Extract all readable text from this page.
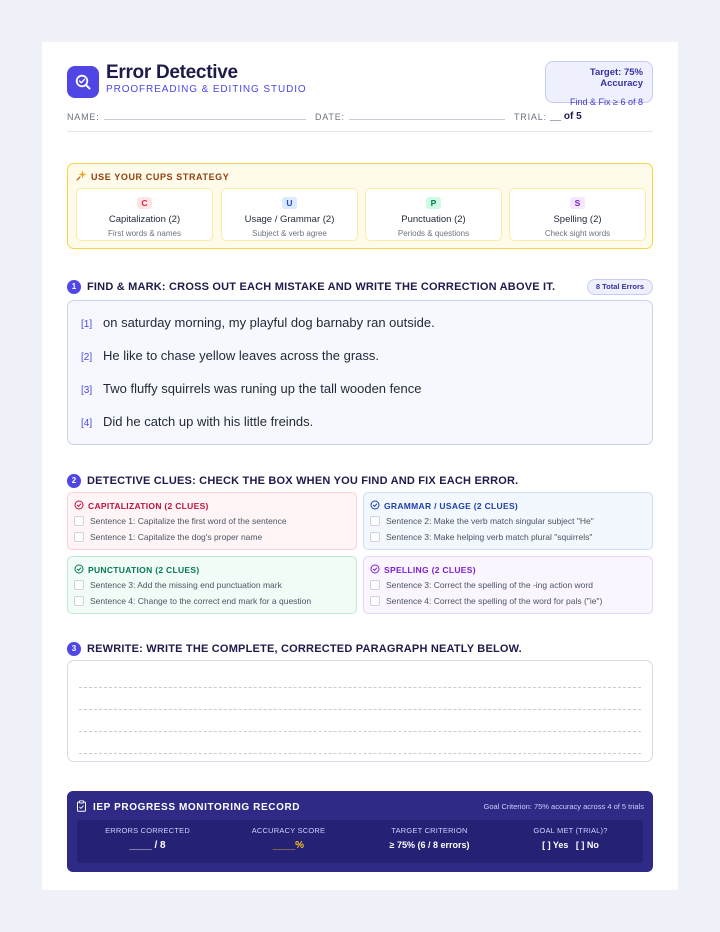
Error Detective
PROOFREADING & EDITING STUDIO
Target: 75% Accuracy
Find & Fix ≥ 6 of 8
NAME:	DATE:	TRIAL: __ of 5
USE YOUR CUPS STRATEGY
C
Capitalization (2)
First words & names
U
Usage / Grammar (2)
Subject & verb agree
P
Punctuation (2)
Periods & questions
S
Spelling (2)
Check sight words
1 FIND & MARK: CROSS OUT EACH MISTAKE AND WRITE THE CORRECTION ABOVE IT.	8 Total Errors
[1] on saturday morning, my playful dog barnaby ran outside.
[2] He like to chase yellow leaves across the grass.
[3] Two fluffy squirrels was runing up the tall wooden fence
[4] Did he catch up with his little freinds.
2 DETECTIVE CLUES: CHECK THE BOX WHEN YOU FIND AND FIX EACH ERROR.
CAPITALIZATION (2 CLUES)
Sentence 1: Capitalize the first word of the sentence
Sentence 1: Capitalize the dog's proper name
GRAMMAR / USAGE (2 CLUES)
Sentence 2: Make the verb match singular subject "He"
Sentence 3: Make helping verb match plural "squirrels"
PUNCTUATION (2 CLUES)
Sentence 3: Add the missing end punctuation mark
Sentence 4: Change to the correct end mark for a question
SPELLING (2 CLUES)
Sentence 3: Correct the spelling of the -ing action word
Sentence 4: Correct the spelling of the word for pals ("ie")
3 REWRITE: WRITE THE COMPLETE, CORRECTED PARAGRAPH NEATLY BELOW.
IEP PROGRESS MONITORING RECORD	Goal Criterion: 75% accuracy across 4 of 5 trials
ERRORS CORRECTED
____ / 8
ACCURACY SCORE
____%
TARGET CRITERION
≥ 75% (6 / 8 errors)
GOAL MET (TRIAL)?
[ ] Yes   [ ] No
